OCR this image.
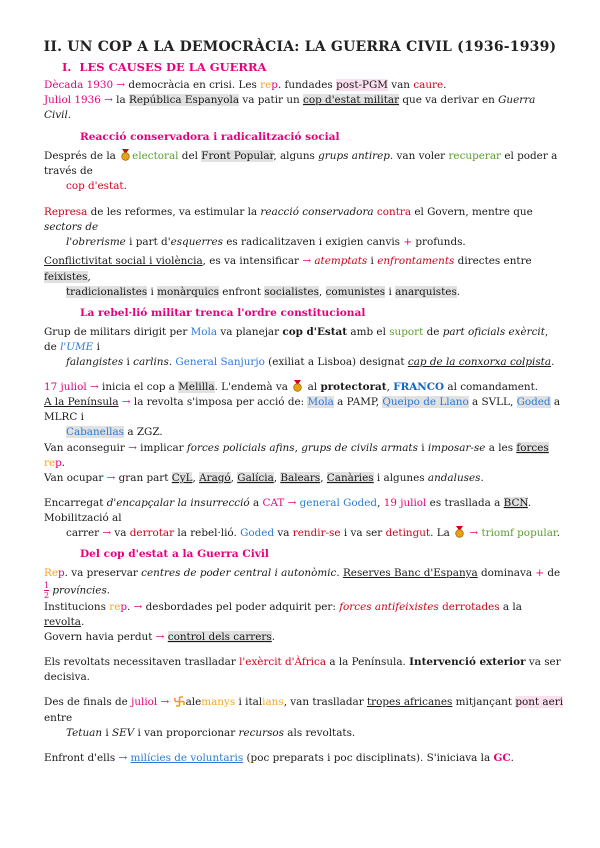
II. UN COP A LA DEMOCRÀCIA: LA GUERRA CIVIL (1936-1939)
I. LES CAUSES DE LA GUERRA

Dècada 1930 → democràcia en crisi. Les rep. fundades post-PGM van caure.

Juliol 1936 → la República Espanyola va patir un cop d'estat militar que va derivar en Guerra Civil.

Reacció conservadora i radicalització social

Després de la electoral del Front Popular, alguns grups antirep. van voler recuperar el poder a través de

cop d'estat.

Represa de les reformes, va estimular la reacció conservadora contra el Govern, mentre que sectors de

l'obrerisme i part d'esquerres es radicalitzaven i exigien canvis + profunds.

Conflictivitat social i violència, es va intensificar → atemptats i enfrontaments directes entre feixistes,

tradicionalistes i monàrquics enfront socialistes, comunistes i anarquistes.

La rebel·lió militar trenca l'ordre constitucional

Grup de militars dirigit per Mola va planejar cop d'Estat amb el suport de part oficials exèrcit, de l'UME i

falangistes i carlins. General Sanjurjo (exiliat a Lisboa) designat cap de la conxorxa colpista.

17 juliol → inicia el cop a Melilla. L'endemà va  al protectorat, FRANCO al comandament.

A la Península → la revolta s'imposa per acció de: Mola a PAMP, Queipo de Llano a SVLL, Goded a MLRC i

Cabanellas a ZGZ.

Van aconseguir → implicar forces policials afins, grups de civils armats i imposar-se a les forces rep.

Van ocupar → gran part CyL, Aragó, Galícia, Balears, Canàries i algunes andaluses.

Encarregat d'encapçalar la insurrecció a CAT → general Goded, 19 juliol es trasllada a BCN. Mobilització al

carrer → va derrotar la rebel·lió. Goded va rendir-se i va ser detingut. La  → triomf popular.

Del cop d'estat a la Guerra Civil

Rep. va preservar centres de poder central i autonòmic. Reserves Banc d'Espanya dominava + de
$\frac{1}{2}$ províncies.

Institucions rep. → desbordades pel poder adquirit per: forces antifeixistes derrotades a la revolta.

Govern havia perdut → control dels carrers.

Els revoltats necessitaven traslladar l'exèrcit d'Àfrica a la Península. Intervenció exterior va ser decisiva.

Des de finals de juliol → alemanys i italians, van traslladar tropes africanes mitjançant pont aeri entre

Tetuan i SEV i van proporcionar recursos als revoltats.

Enfront d'ells → milícies de voluntaris (poc preparats i poc disciplinats). S'iniciava la GC.
